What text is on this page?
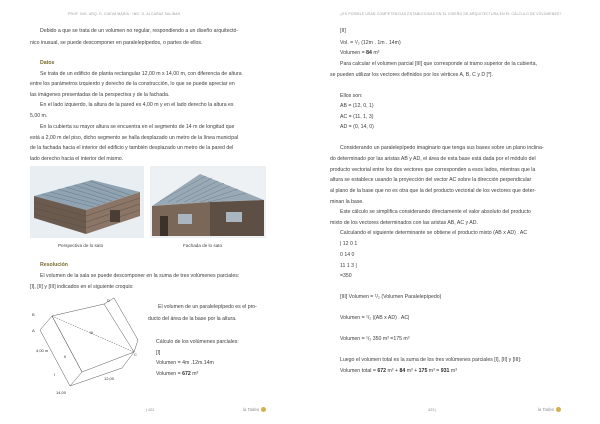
PROF. ING. ARQ. D. CUEVA MARÍA · ING. G. ALCARAZ SALINAS
Debido a que se trata de un volumen no regular, respondiendo a un diseño arquitectó-
nico inusual, se puede descomponer en paralelepípedos, o partes de ellos.
Datos
Se trata de un edificio de planta rectangular 12,00 m x 14,00 m, con diferencia de altura
entre los parámetros izquierdo y derecho de la construcción, lo que se puede apreciar en
las imágenes presentadas de la perspectiva y de la fachada.
En el lado izquierdo, la altura de la pared es 4,00 m y en el lado derecho la altura es
5,00 m.
En la cubierta su mayor altura se encuentra en el segmento de 14 m de longitud que
está a 2,00 m del piso, dicho segmento se halla desplazado un metro de la línea municipal
de la fachada hacia el interior del edificio y también desplazado un metro de la pared del
lado derecho hacia el interior del mismo.
Perspectiva de lo sato	Fachada de lo sato
Resolución
El volumen de la sala se puede descomponer en la suma de tres volúmenes parciales:
[I], [II] y [III] indicados en el siguiente croquis:
B
A
C
D
II
III
I
4,00 m
12,00
14,00
El volumen de un paralelepípedo es el pro-
ducto del área de la base por la altura.
Cálculo de los volúmenes parciales:
[I]
Volumen = 4m .12m.14m
Volumen = 672 m³
| 422	la Tadeo
¿ES POSIBLE USAR COMPETENCIAS ESTABLECIDAS EN EL DISEÑO DE ARQUITECTURA EN EL CÁLCULO DE VOLÚMENES?
[II]
Vol. = ¹/₂ (12m . 1m . 14m)
Volumen = 84 m³
Para calcular el volumen parcial [III] que corresponde al tramo superior de la cubierta,
se pueden utilizar los vectores definidos por los vértices A, B, C y D [*].
Ellos son:
AB = (12, 0, 1)
AC = (11, 1, 3)
AD = (0, 14, 0)
Considerando un paralelepípedo imaginario que tenga sus bases sobre un plano inclina-
do determinado por las aristas AB y AD, el área de esta base está dada por el módulo del
producto vectorial entre los dos vectores que corresponden a esos lados, mientras que la
altura se establece usando la proyección del vector AC sobre la dirección perpendicular
al plano de la base que no es otra que la del producto vectorial de los vectores que deter-
minan la base.
Este cálculo se simplifica considerando directamente el valor absoluto del producto
mixto de los vectores determinados con las aristas AB, AC y AD.
Calculando el siguiente determinante se obtiene el producto mixto (AB x AD) . AC
| 12 0 1
0 14 0
11 1 3 |
=350
[III] Volumen = ¹/₂ (Volumen Paralelepípedo)
Volumen = ¹/₂ |(AB x AD) . AC|
Volumen = ¹/₂ 350 m³ =175 m³
Luego el volumen total es la suma de los tres volúmenes parciales [I], [II] y [III]:
Volumen total = 672 m³ + 84 m³ + 175 m³ = 931 m³
423 |	la Tadeo
